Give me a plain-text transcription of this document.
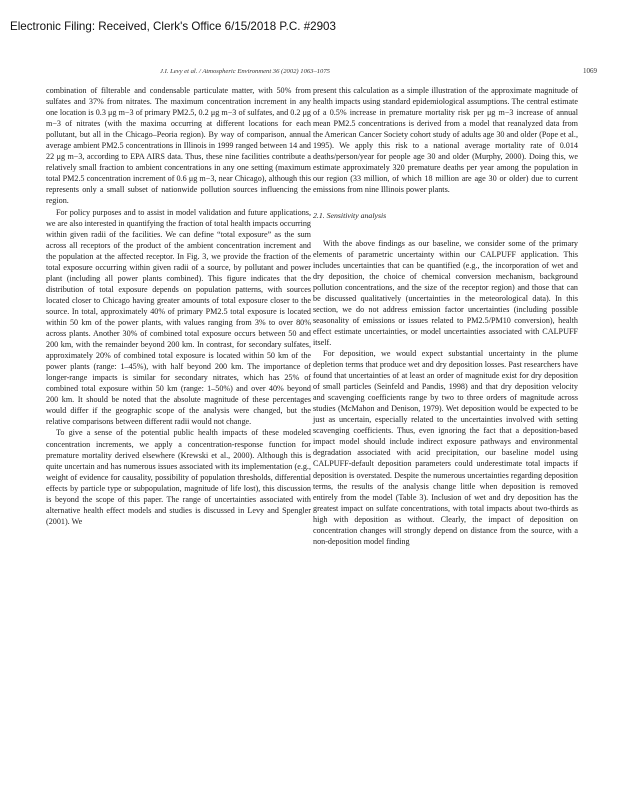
Electronic Filing: Received, Clerk's Office 6/15/2018 P.C. #2903
J.I. Levy et al. / Atmospheric Environment 36 (2002) 1063–1075	1069

combination of filterable and condensable particulate matter, with 50% from sulfates and 37% from nitrates. The maximum concentration increment in any one location is 0.3 μg m−3 of primary PM2.5, 0.2 μg m−3 of sulfates, and 0.2 μg m−3 of nitrates (with the maxima occurring at different locations for each pollutant, but all in the Chicago–Peoria region). By way of comparison, annual average ambient PM2.5 concentrations in Illinois in 1999 ranged between 14 and 22 μg m−3, according to EPA AIRS data. Thus, these nine facilities contribute a relatively small fraction to ambient concentrations in any one setting (maximum total PM2.5 concentration increment of 0.6 μg m−3, near Chicago), although this represents only a small subset of nationwide pollution sources influencing the region.

For policy purposes and to assist in model validation and future applications, we are also interested in quantifying the fraction of total health impacts occurring within given radii of the facilities. We can define “total exposure” as the sum across all receptors of the product of the ambient concentration increment and the population at the affected receptor. In Fig. 3, we provide the fraction of the total exposure occurring within given radii of a source, by pollutant and power plant (including all power plants combined). This figure indicates that the distribution of total exposure depends on population patterns, with sources located closer to Chicago having greater amounts of total exposure closer to the source. In total, approximately 40% of primary PM2.5 total exposure is located within 50 km of the power plants, with values ranging from 3% to over 80% across plants. Another 30% of combined total exposure occurs between 50 and 200 km, with the remainder beyond 200 km. In contrast, for secondary sulfates, approximately 20% of combined total exposure is located within 50 km of the power plants (range: 1–45%), with half beyond 200 km. The importance of longer-range impacts is similar for secondary nitrates, which has 25% of combined total exposure within 50 km (range: 1–50%) and over 40% beyond 200 km. It should be noted that the absolute magnitude of these percentages would differ if the geographic scope of the analysis were changed, but the relative comparisons between different radii would not change.

To give a sense of the potential public health impacts of these modeled concentration increments, we apply a concentration-response function for premature mortality derived elsewhere (Krewski et al., 2000). Although this is quite uncertain and has numerous issues associated with its implementation (e.g., weight of evidence for causality, possibility of population thresholds, differential effects by particle type or subpopulation, magnitude of life lost), this discussion is beyond the scope of this paper. The range of uncertainties associated with alternative health effect models and studies is discussed in Levy and Spengler (2001). We

present this calculation as a simple illustration of the approximate magnitude of health impacts using standard epidemiological assumptions. The central estimate of a 0.5% increase in premature mortality risk per μg m−3 increase of annual mean PM2.5 concentrations is derived from a model that reanalyzed data from the American Cancer Society cohort study of adults age 30 and older (Pope et al., 1995). We apply this risk to a national average mortality rate of 0.014 deaths/person/year for people age 30 and older (Murphy, 2000). Doing this, we estimate approximately 320 premature deaths per year among the population in our region (33 million, of which 18 million are age 30 or older) due to current emissions from nine Illinois power plants.

2.1. Sensitivity analysis

With the above findings as our baseline, we consider some of the primary elements of parametric uncertainty within our CALPUFF application. This includes uncertainties that can be quantified (e.g., the incorporation of wet and dry deposition, the choice of chemical conversion mechanism, background pollution concentrations, and the size of the receptor region) and those that can be discussed qualitatively (uncertainties in the meteorological data). In this section, we do not address emission factor uncertainties (including possible seasonality of emissions or issues related to PM2.5/PM10 conversion), health effect estimate uncertainties, or model uncertainties associated with CALPUFF itself.

For deposition, we would expect substantial uncertainty in the plume depletion terms that produce wet and dry deposition losses. Past researchers have found that uncertainties of at least an order of magnitude exist for dry deposition of small particles (Seinfeld and Pandis, 1998) and that dry deposition velocity and scavenging coefficients range by two to three orders of magnitude across studies (McMahon and Denison, 1979). Wet deposition would be expected to be just as uncertain, especially related to the uncertainties involved with setting scavenging coefficients. Thus, even ignoring the fact that a deposition-based impact model should include indirect exposure pathways and environmental degradation associated with acid precipitation, our baseline model using CALPUFF-default deposition parameters could underestimate total impacts if deposition is overstated. Despite the numerous uncertainties regarding deposition terms, the results of the analysis change little when deposition is removed entirely from the model (Table 3). Inclusion of wet and dry deposition has the greatest impact on sulfate concentrations, with total impacts about two-thirds as high with deposition as without. Clearly, the impact of deposition on concentration changes will strongly depend on distance from the source, with a non-deposition model finding
